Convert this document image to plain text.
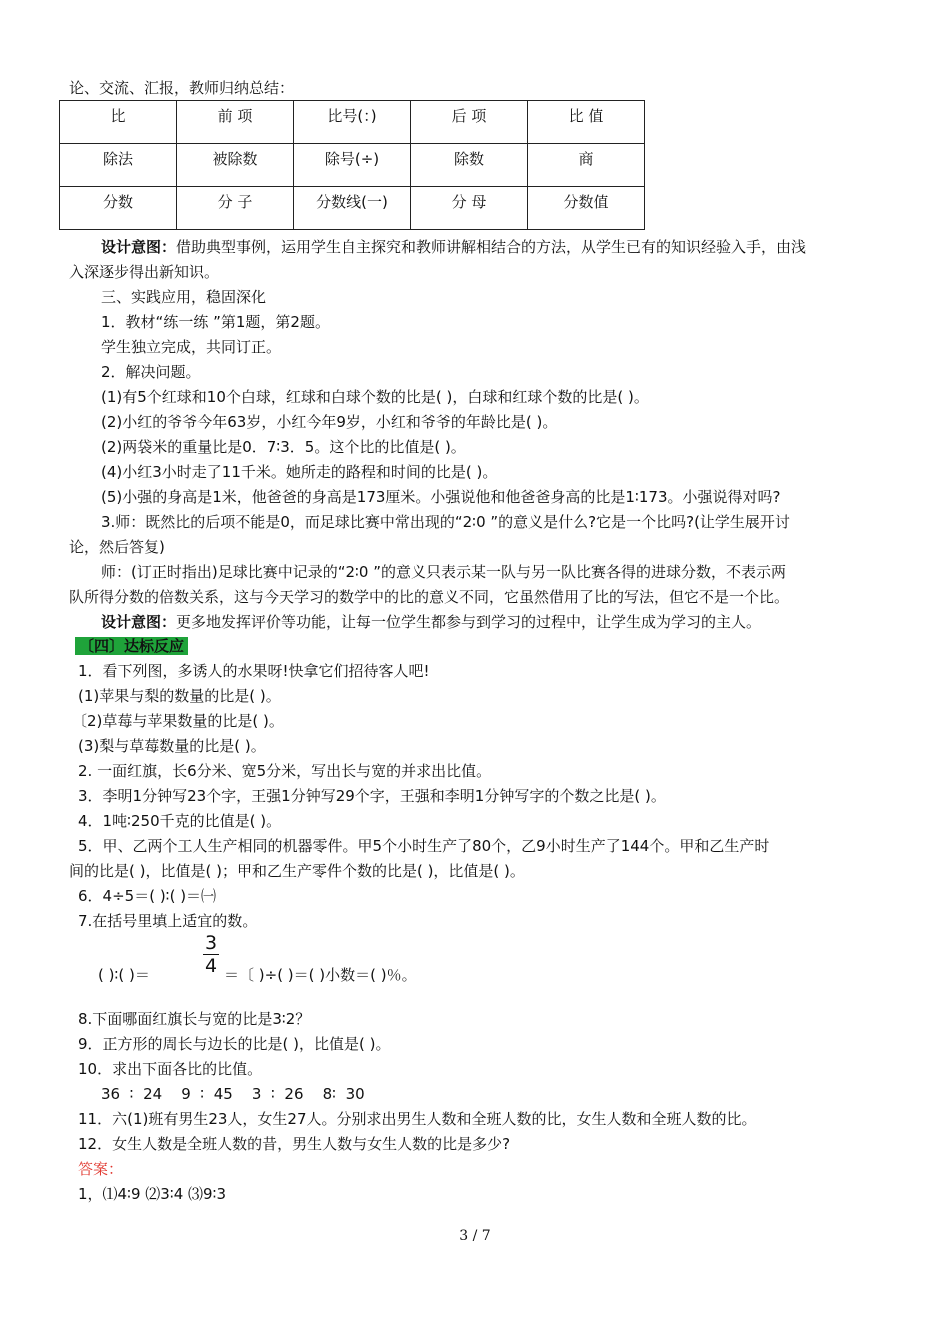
论、交流、汇报，教师归纳总结：
比	前 项	比号(：)	后 项	比 值
除法	被除数	除号(÷)	除数	商
分数	分 子	分数线(一)	分 母	分数值
设计意图：借助典型事例，运用学生自主探究和教师讲解相结合的方法，从学生已有的知识经验入手，由浅
入深逐步得出新知识。
三、实践应用，稳固深化
1．教材“练一练 ”第1题，第2题。
学生独立完成，共同订正。
2．解决问题。
(1)有5个红球和10个白球，红球和白球个数的比是( )，白球和红球个数的比是( )。
(2)小红的爷爷今年63岁，小红今年9岁，小红和爷爷的年龄比是( )。
(2)两袋米的重量比是0．7∶3．5。这个比的比值是( )。
(4)小红3小时走了11千米。她所走的路程和时间的比是( )。
(5)小强的身高是1米，他爸爸的身高是173厘米。小强说他和他爸爸身高的比是1∶173。小强说得对吗?
3.师：既然比的后项不能是0，而足球比赛中常出现的“2∶0 ”的意义是什么?它是一个比吗?(让学生展开讨
论，然后答复)
师：(订正时指出)足球比赛中记录的“2∶0 ”的意义只表示某一队与另一队比赛各得的进球分数，不表示两
队所得分数的倍数关系，这与今天学习的数学中的比的意义不同，它虽然借用了比的写法，但它不是一个比。
设计意图：更多地发挥评价等功能，让每一位学生都参与到学习的过程中，让学生成为学习的主人。
〔四〕达标反应
1．看下列图，多诱人的水果呀!快拿它们招待客人吧!
(1)苹果与梨的数量的比是( )。
〔2)草莓与苹果数量的比是( )。
(3)梨与草莓数量的比是( )。
2. 一面红旗，长6分米、宽5分米，写出长与宽的并求出比值。
3．李明1分钟写23个字，王强1分钟写29个字，王强和李明1分钟写字的个数之比是( )。
4．1吨∶250千克的比值是( )。
5．甲、乙两个工人生产相同的机器零件。甲5个小时生产了80个，乙9小时生产了144个。甲和乙生产时
间的比是( )，比值是( )；甲和乙生产零件个数的比是( )，比值是( )。
6．4÷5＝( )∶( )＝㈠
7.在括号里填上适宜的数。
3
4
( )∶( )＝	＝〔 )÷( )＝( )小数＝( )％。
8.下面哪面红旗长与宽的比是3∶2？
9．正方形的周长与边长的比是( )，比值是( )。
10．求出下面各比的比值。
36  ∶  24    9  ∶  45    3  ∶  26    8∶  30
11．六(1)班有男生23人，女生27人。分别求出男生人数和全班人数的比，女生人数和全班人数的比。
12．女生人数是全班人数的昔，男生人数与女生人数的比是多少?
答案：
1，⑴4∶9 ⑵3∶4 ⑶9∶3
3 / 7
